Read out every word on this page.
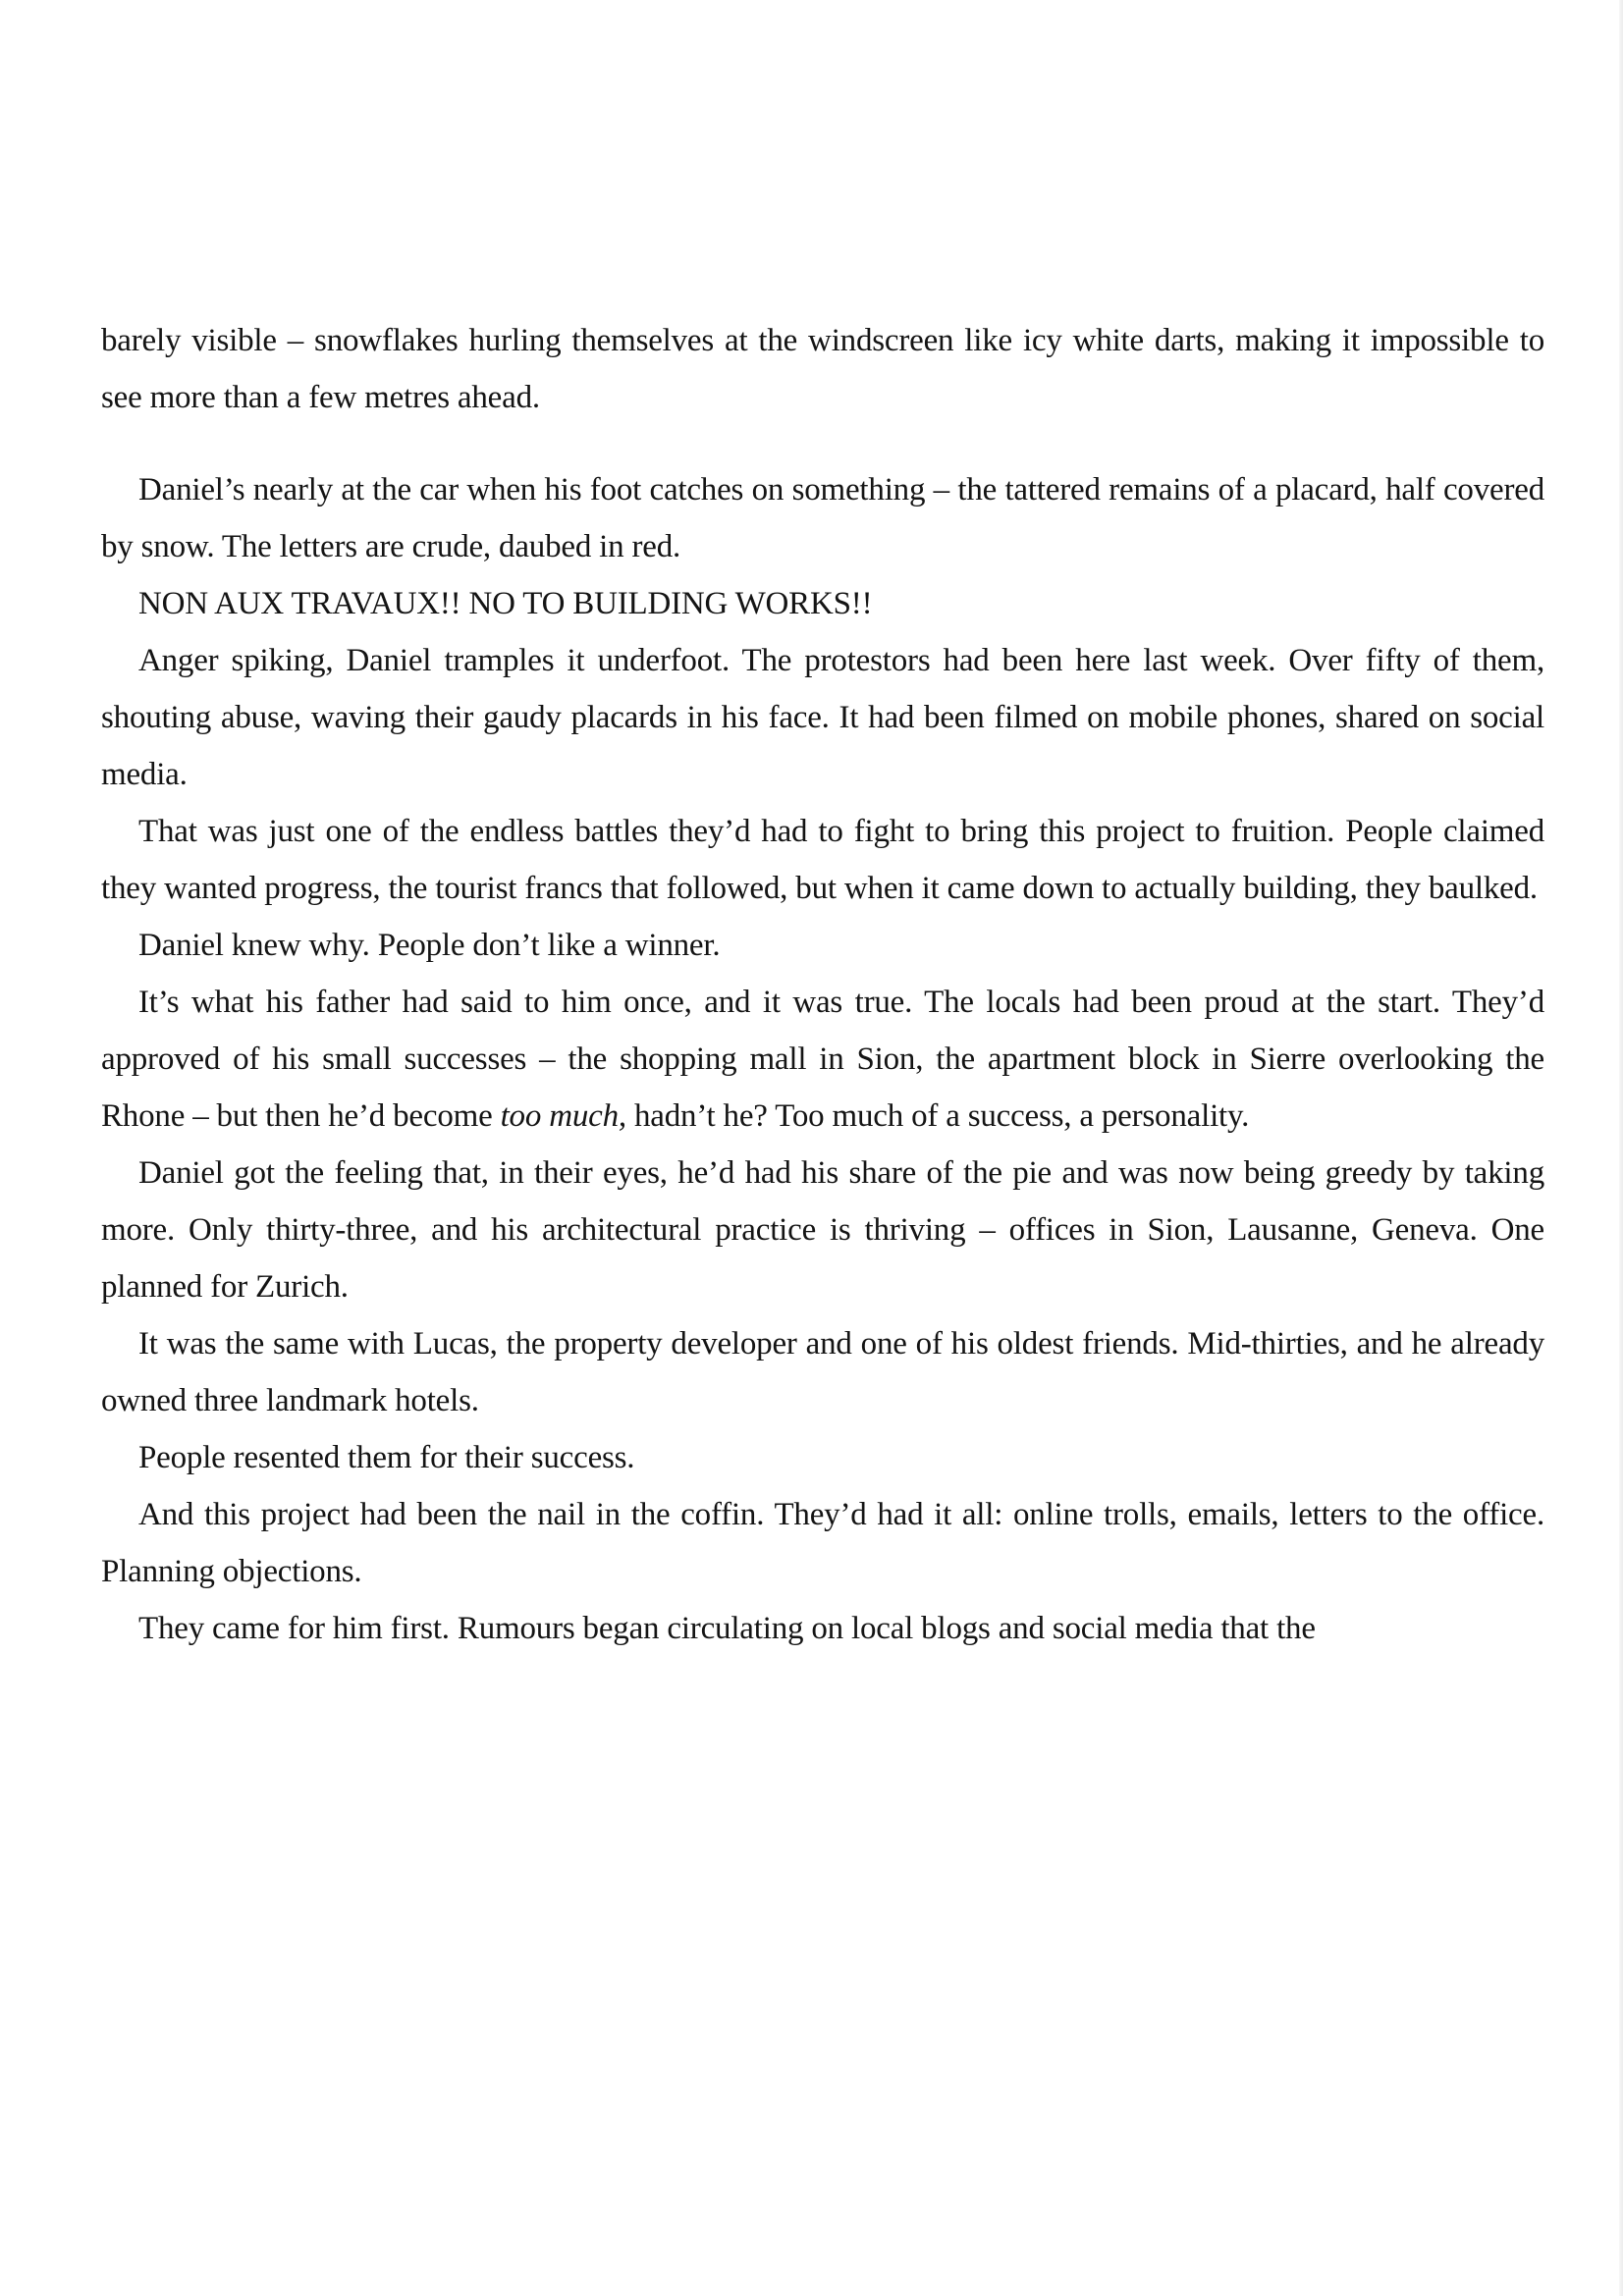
barely visible – snowflakes hurling themselves at the windscreen like icy white darts, making it impossible to see more than a few metres ahead.

Daniel’s nearly at the car when his foot catches on something – the tattered remains of a placard, half covered by snow. The letters are crude, daubed in red.

NON AUX TRAVAUX!! NO TO BUILDING WORKS!!

Anger spiking, Daniel tramples it underfoot. The protestors had been here last week. Over fifty of them, shouting abuse, waving their gaudy placards in his face. It had been filmed on mobile phones, shared on social media.

That was just one of the endless battles they’d had to fight to bring this project to fruition. People claimed they wanted progress, the tourist francs that followed, but when it came down to actually building, they baulked.

Daniel knew why. People don’t like a winner.

It’s what his father had said to him once, and it was true. The locals had been proud at the start. They’d approved of his small successes – the shopping mall in Sion, the apartment block in Sierre overlooking the Rhone – but then he’d become too much, hadn’t he? Too much of a success, a personality.

Daniel got the feeling that, in their eyes, he’d had his share of the pie and was now being greedy by taking more. Only thirty-three, and his architectural practice is thriving – offices in Sion, Lausanne, Geneva. One planned for Zurich.

It was the same with Lucas, the property developer and one of his oldest friends. Mid-thirties, and he already owned three landmark hotels.

People resented them for their success.

And this project had been the nail in the coffin. They’d had it all: online trolls, emails, letters to the office. Planning objections.

They came for him first. Rumours began circulating on local blogs and social media that the
